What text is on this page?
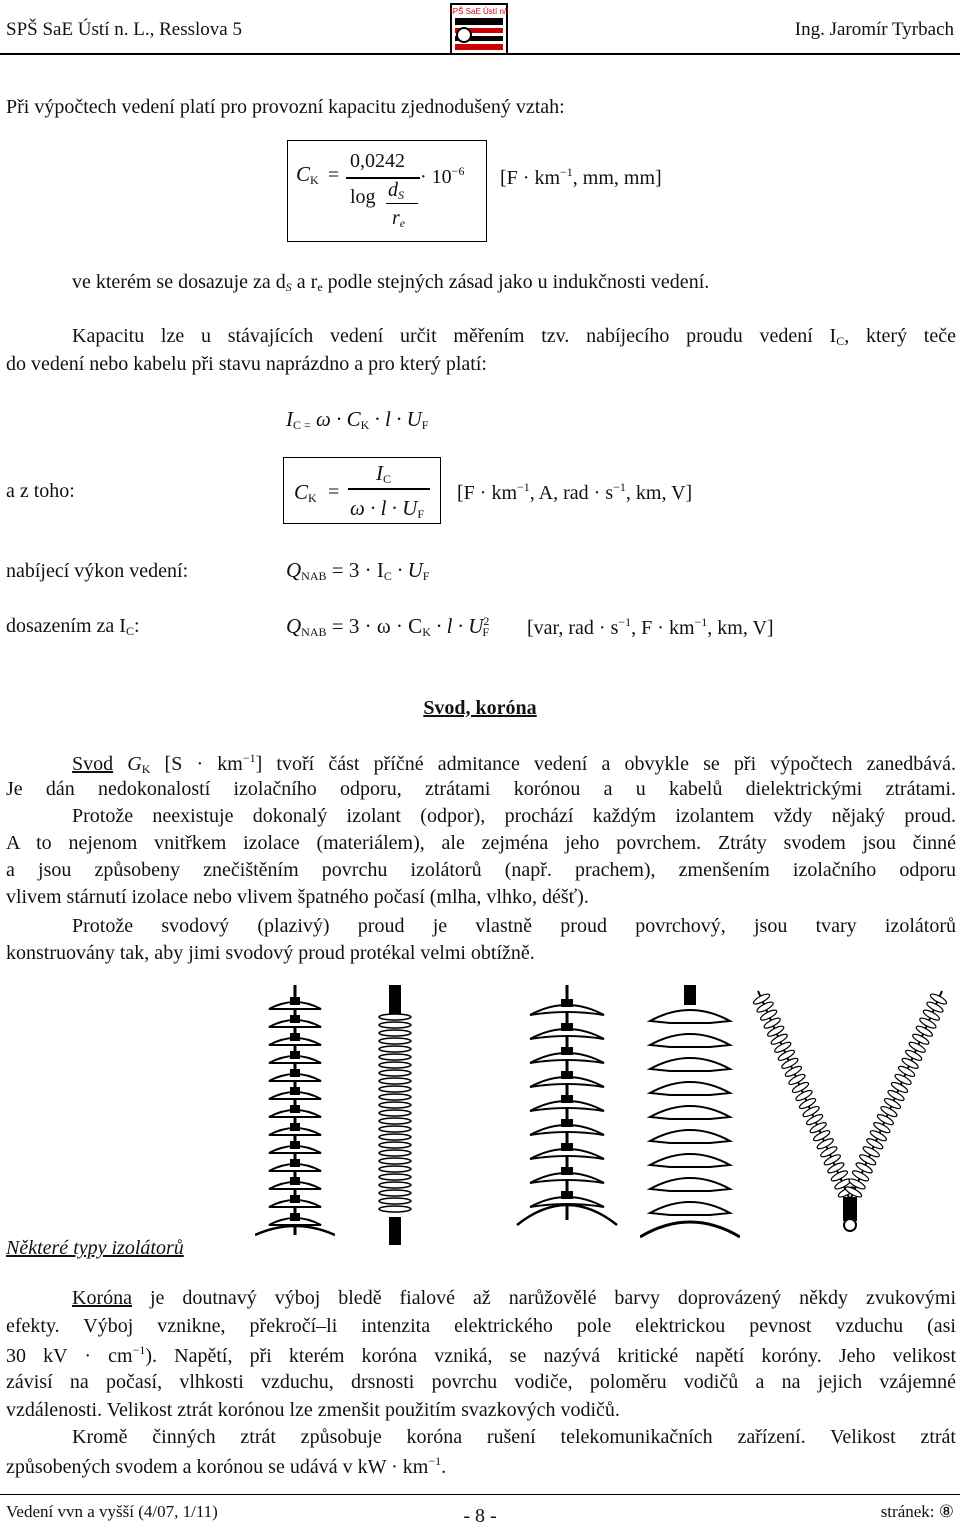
SPŠ SaE Ústí n. L., Resslova 5
SPŠ SaE Ústí n/L
Ing. Jaromír Tyrbach
Při výpočtech vedení platí pro provozní kapacitu zjednodušený vztah:
$C_K$ =
0,0242
$\log d_S$
$r_e$
· $10^{-6}$ [$F \cdot km^{-1}$, mm, mm]
ve kterém se dosazuje za $d_S$ a $r_e$ podle stejných zásad jako u indukčnosti vedení.
Kapacitu lze u stávajících vedení určit měřením tzv. nabíjecího proudu vedení $I_C$, který teče
do vedení nebo kabelu při stavu naprázdno a pro který platí:
$I_{C =}$ $\omega \cdot C_K \cdot l \cdot U_F$
a z toho:	$C_K$ =
$I_C$
$\omega \cdot l \cdot U_F$
[$F \cdot km^{-1}$, A, rad · $s^{-1}$, km, V]
nabíjecí výkon vedení:	$Q_{NAB} = 3 \cdot I_C \cdot U_F$
dosazením za $I_C$:	$Q_{NAB} = 3 \cdot \omega \cdot C_K \cdot l \cdot U^2_F$ [var, rad · $s^{-1}$, $F \cdot km^{-1}$, km, V]
Svod, koróna
Svod $G_K$ $[S \cdot km^{-1}]$ tvoří část příčné admitance vedení a obvykle se při výpočtech zanedbává.
Je dán nedokonalostí izolačního odporu, ztrátami korónou a u kabelů dielektrickými ztrátami.
Protože neexistuje dokonalý izolant (odpor), prochází každým izolantem vždy nějaký proud.
A to nejenom vnitřkem izolace (materiálem), ale zejména jeho povrchem. Ztráty svodem jsou činné
a jsou způsobeny znečištěním povrchu izolátorů (např. prachem), zmenšením izolačního odporu
vlivem stárnutí izolace nebo vlivem špatného počasí (mlha, vlhko, déšť).
Protože svodový (plazivý) proud je vlastně proud povrchový, jsou tvary izolátorů
konstruovány tak, aby jimi svodový proud protékal velmi obtížně.
Některé typy izolátorů
Koróna je doutnavý výboj bledě fialové až narůžovělé barvy doprovázený někdy zvukovými
efekty. Výboj vznikne, překročí–li intenzita elektrického pole elektrickou pevnost vzduchu (asi
30 kV · $cm^{-1}$). Napětí, při kterém koróna vzniká, se nazývá kritické napětí koróny. Jeho velikost
závisí na počasí, vlhkosti vzduchu, drsnosti povrchu vodiče, poloměru vodičů a na jejich vzájemné
vzdálenosti. Velikost ztrát korónou lze zmenšit použitím svazkových vodičů.
Kromě činných ztrát způsobuje koróna rušení telekomunikačních zařízení. Velikost ztrát
způsobených svodem a korónou se udává v kW · $km^{-1}$.
Vedení vvn a vyšší (4/07, 1/11)	- 8 -	stránek: ⑧
